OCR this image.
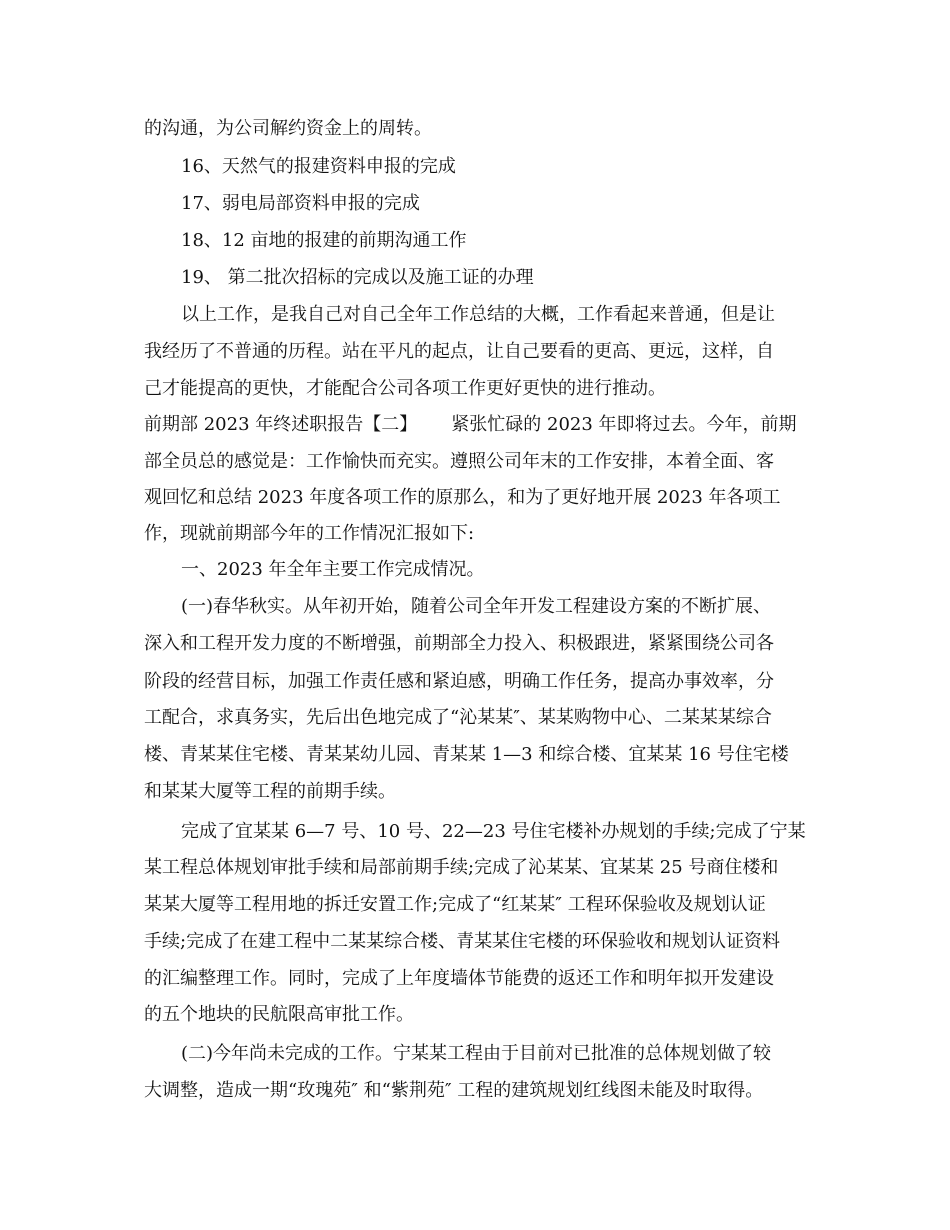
的沟通，为公司解约资金上的周转。
16、天然气的报建资料申报的完成
17、弱电局部资料申报的完成
18、12 亩地的报建的前期沟通工作
19、 第二批次招标的完成以及施工证的办理
以上工作，是我自己对自己全年工作总结的大概，工作看起来普通，但是让
我经历了不普通的历程。站在平凡的起点，让自己要看的更高、更远，这样，自
己才能提高的更快，才能配合公司各项工作更好更快的进行推动。
前期部 2023 年终述职报告【二】 紧张忙碌的 2023 年即将过去。今年，前期
部全员总的感觉是：工作愉快而充实。遵照公司年末的工作安排，本着全面、客
观回忆和总结 2023 年度各项工作的原那么，和为了更好地开展 2023 年各项工
作，现就前期部今年的工作情况汇报如下:
一、2023 年全年主要工作完成情况。
(一)春华秋实。从年初开始，随着公司全年开发工程建设方案的不断扩展、
深入和工程开发力度的不断增强，前期部全力投入、积极跟进，紧紧围绕公司各
阶段的经营目标，加强工作责任感和紧迫感，明确工作任务，提高办事效率，分
工配合，求真务实，先后出色地完成了“沁某某″、某某购物中心、二某某某综合
楼、青某某住宅楼、青某某幼儿园、青某某 1—3 和综合楼、宜某某 16 号住宅楼
和某某大厦等工程的前期手续。
完成了宜某某 6—7 号、10 号、22—23 号住宅楼补办规划的手续;完成了宁某
某工程总体规划审批手续和局部前期手续;完成了沁某某、宜某某 25 号商住楼和
某某大厦等工程用地的拆迁安置工作;完成了“红某某″ 工程环保验收及规划认证
手续;完成了在建工程中二某某综合楼、青某某住宅楼的环保验收和规划认证资料
的汇编整理工作。同时，完成了上年度墙体节能费的返还工作和明年拟开发建设
的五个地块的民航限高审批工作。
(二)今年尚未完成的工作。宁某某工程由于目前对已批准的总体规划做了较
大调整，造成一期“玫瑰苑″ 和“紫荆苑″ 工程的建筑规划红线图未能及时取得。
